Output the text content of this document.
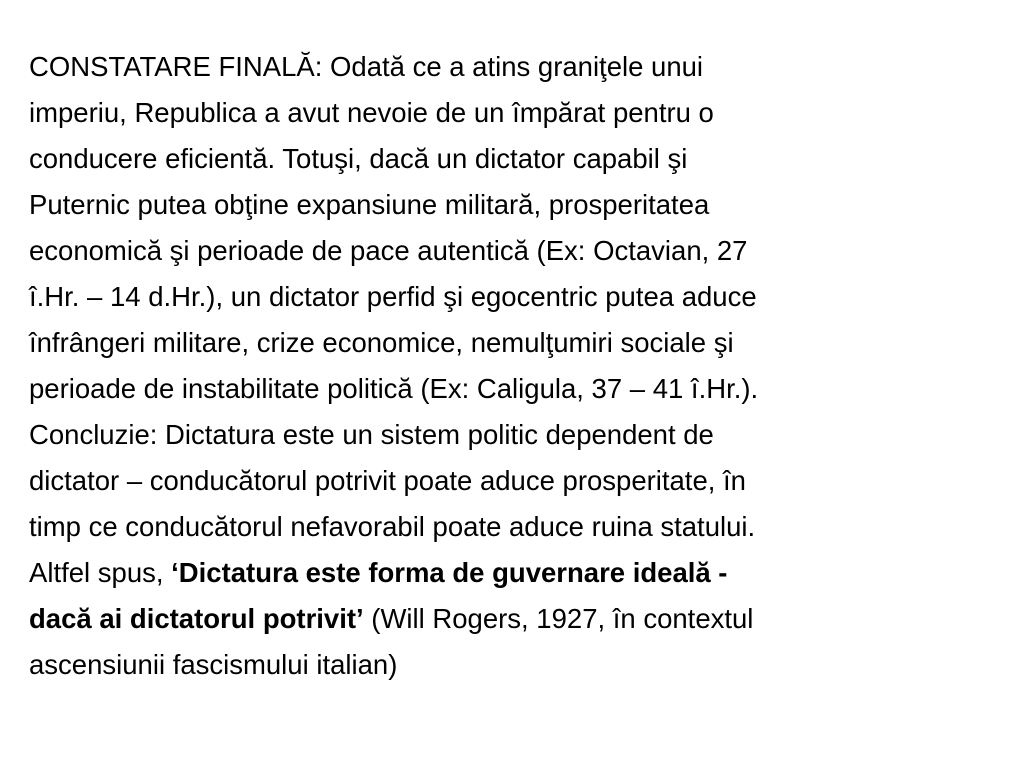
CONSTATARE FINALĂ: Odată ce a atins graniţele unui
imperiu, Republica a avut nevoie de un împărat pentru o
conducere eficientă. Totuşi, dacă un dictator capabil şi
Puternic putea obţine expansiune militară, prosperitatea
economică şi perioade de pace autentică (Ex: Octavian, 27
î.Hr. – 14 d.Hr.), un dictator perfid şi egocentric putea aduce
înfrângeri militare, crize economice, nemulţumiri sociale şi
perioade de instabilitate politică (Ex: Caligula, 37 – 41 î.Hr.).
Concluzie: Dictatura este un sistem politic dependent de
dictator – conducătorul potrivit poate aduce prosperitate, în
timp ce conducătorul nefavorabil poate aduce ruina statului.
Altfel spus, ‘Dictatura este forma de guvernare ideală -
dacă ai dictatorul potrivit’ (Will Rogers, 1927, în contextul
ascensiunii fascismului italian)
